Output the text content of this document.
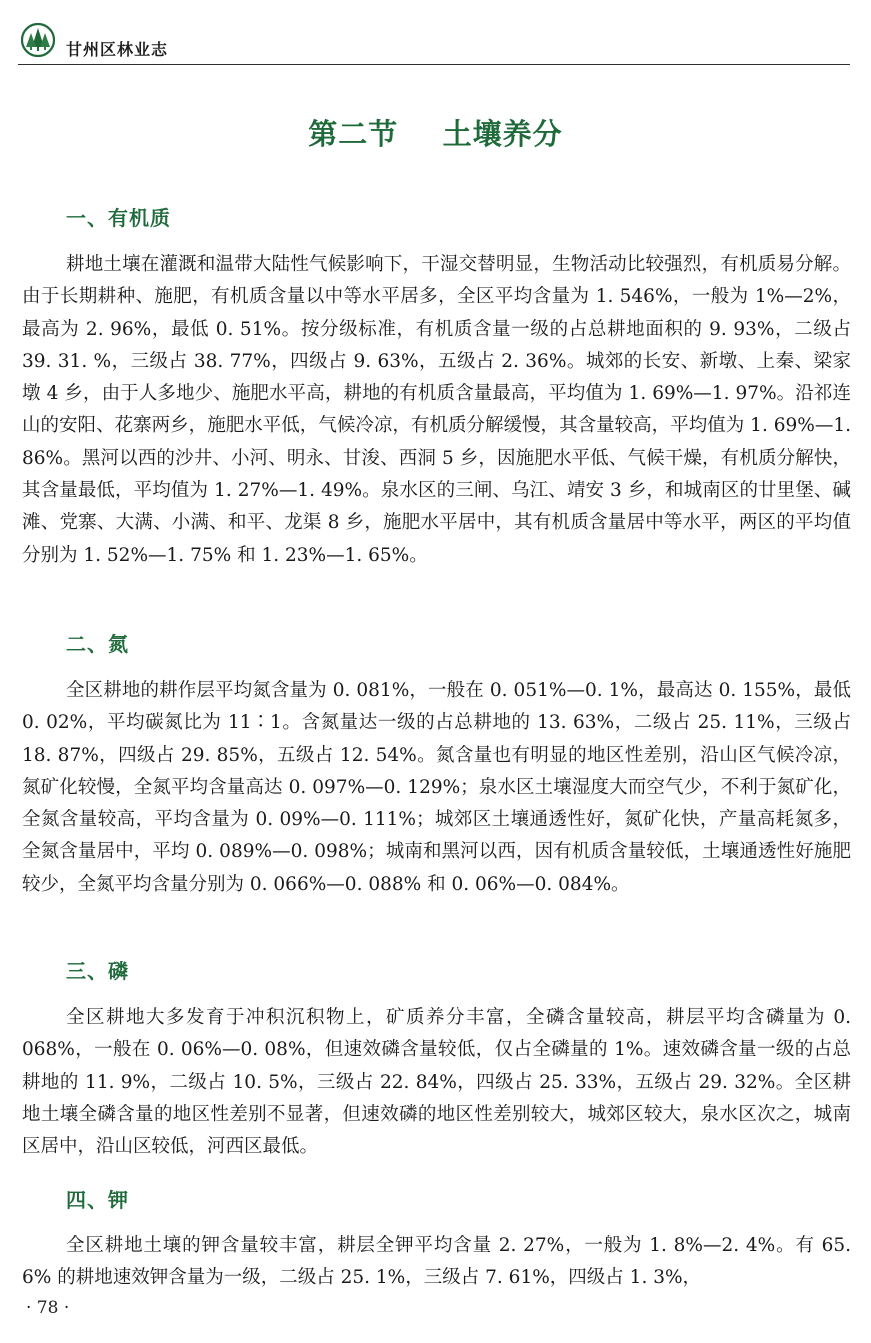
甘州区林业志
第二节    土壤养分
一、有机质

耕地土壤在灌溉和温带大陆性气候影响下，干湿交替明显，生物活动比较强烈，有机质易分解。由于长期耕种、施肥，有机质含量以中等水平居多，全区平均含量为 1. 546%，一般为 1%—2%，最高为 2. 96%，最低 0. 51%。按分级标准，有机质含量一级的占总耕地面积的 9. 93%，二级占 39. 31. %，三级占 38. 77%，四级占 9. 63%，五级占 2. 36%。城郊的长安、新墩、上秦、梁家墩 4 乡，由于人多地少、施肥水平高，耕地的有机质含量最高，平均值为 1. 69%—1. 97%。沿祁连山的安阳、花寨两乡，施肥水平低，气候冷凉，有机质分解缓慢，其含量较高，平均值为 1. 69%—1. 86%。黑河以西的沙井、小河、明永、甘浚、西洞 5 乡，因施肥水平低、气候干燥，有机质分解快，其含量最低，平均值为 1. 27%—1. 49%。泉水区的三闸、乌江、靖安 3 乡，和城南区的廿里堡、碱滩、党寨、大满、小满、和平、龙渠 8 乡，施肥水平居中，其有机质含量居中等水平，两区的平均值分别为 1. 52%—1. 75% 和 1. 23%—1. 65%。

二、氮

全区耕地的耕作层平均氮含量为 0. 081%，一般在 0. 051%—0. 1%，最高达 0. 155%，最低 0. 02%，平均碳氮比为 11∶1。含氮量达一级的占总耕地的 13. 63%，二级占 25. 11%，三级占 18. 87%，四级占 29. 85%，五级占 12. 54%。氮含量也有明显的地区性差别，沿山区气候冷凉，氮矿化较慢，全氮平均含量高达 0. 097%—0. 129%；泉水区土壤湿度大而空气少，不利于氮矿化，全氮含量较高，平均含量为 0. 09%—0. 111%；城郊区土壤通透性好，氮矿化快，产量高耗氮多，全氮含量居中，平均 0. 089%—0. 098%；城南和黑河以西，因有机质含量较低，土壤通透性好施肥较少，全氮平均含量分别为 0. 066%—0. 088% 和 0. 06%—0. 084%。

三、磷

全区耕地大多发育于冲积沉积物上，矿质养分丰富，全磷含量较高，耕层平均含磷量为 0. 068%，一般在 0. 06%—0. 08%，但速效磷含量较低，仅占全磷量的 1%。速效磷含量一级的占总耕地的 11. 9%，二级占 10. 5%，三级占 22. 84%，四级占 25. 33%，五级占 29. 32%。全区耕地土壤全磷含量的地区性差别不显著，但速效磷的地区性差别较大，城郊区较大，泉水区次之，城南区居中，沿山区较低，河西区最低。

四、钾

全区耕地土壤的钾含量较丰富，耕层全钾平均含量 2. 27%，一般为 1. 8%—2. 4%。有 65. 6% 的耕地速效钾含量为一级，二级占 25. 1%，三级占 7. 61%，四级占 1. 3%，

· 78 ·
